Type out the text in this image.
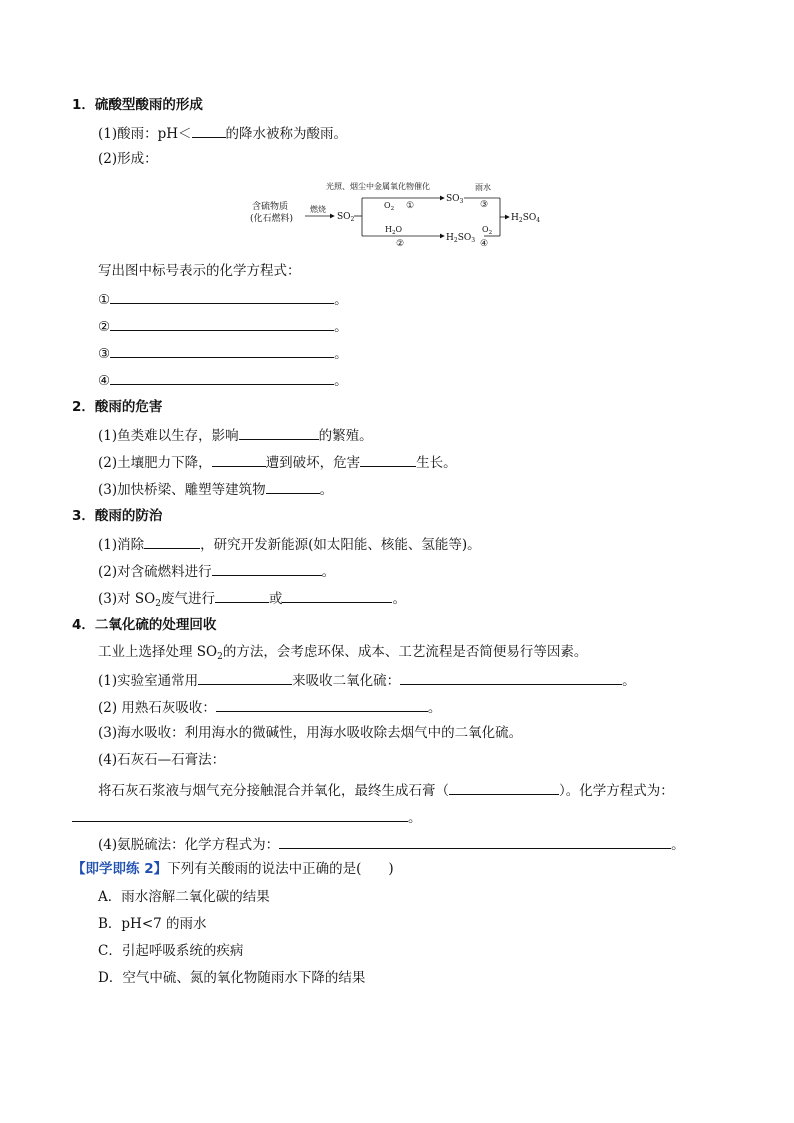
1．硫酸型酸雨的形成
(1)酸雨：pH＜	的降水被称为酸雨。
(2)形成：
含硫物质
(化石燃料)
燃烧
$SO_2$
光照、烟尘中金属氧化物催化
$O_2$ ①
$H_2O$
②
$SO_3$
$H_2SO_3$
雨水
③
$O_2$
④
$H_2SO_4$
写出图中标号表示的化学方程式：
①	。
②	。
③	。
④	。
2．酸雨的危害
(1)鱼类难以生存，影响	的繁殖。
(2)土壤肥力下降，	遭到破坏，危害	生长。
(3)加快桥梁、雕塑等建筑物	。
3．酸雨的防治
(1)消除	，研究开发新能源(如太阳能、核能、氢能等)。
(2)对含硫燃料进行	。
(3)对 $SO_2$废气进行	或	。
4．二氧化硫的处理回收
工业上选择处理 $SO_2$的方法，会考虑环保、成本、工艺流程是否简便易行等因素。
(1)实验室通常用	来吸收二氧化硫：	。
(2) 用熟石灰吸收：	。
(3)海水吸收：利用海水的微碱性，用海水吸收除去烟气中的二氧化硫。
(4)石灰石—石膏法：
将石灰石浆液与烟气充分接触混合并氧化，最终生成石膏（	）。化学方程式为：
。
(4)氨脱硫法：化学方程式为：	。
【即学即练 2】下列有关酸雨的说法中正确的是(　　)
A．雨水溶解二氧化碳的结果
B．pH<7 的雨水
C．引起呼吸系统的疾病
D．空气中硫、氮的氧化物随雨水下降的结果
